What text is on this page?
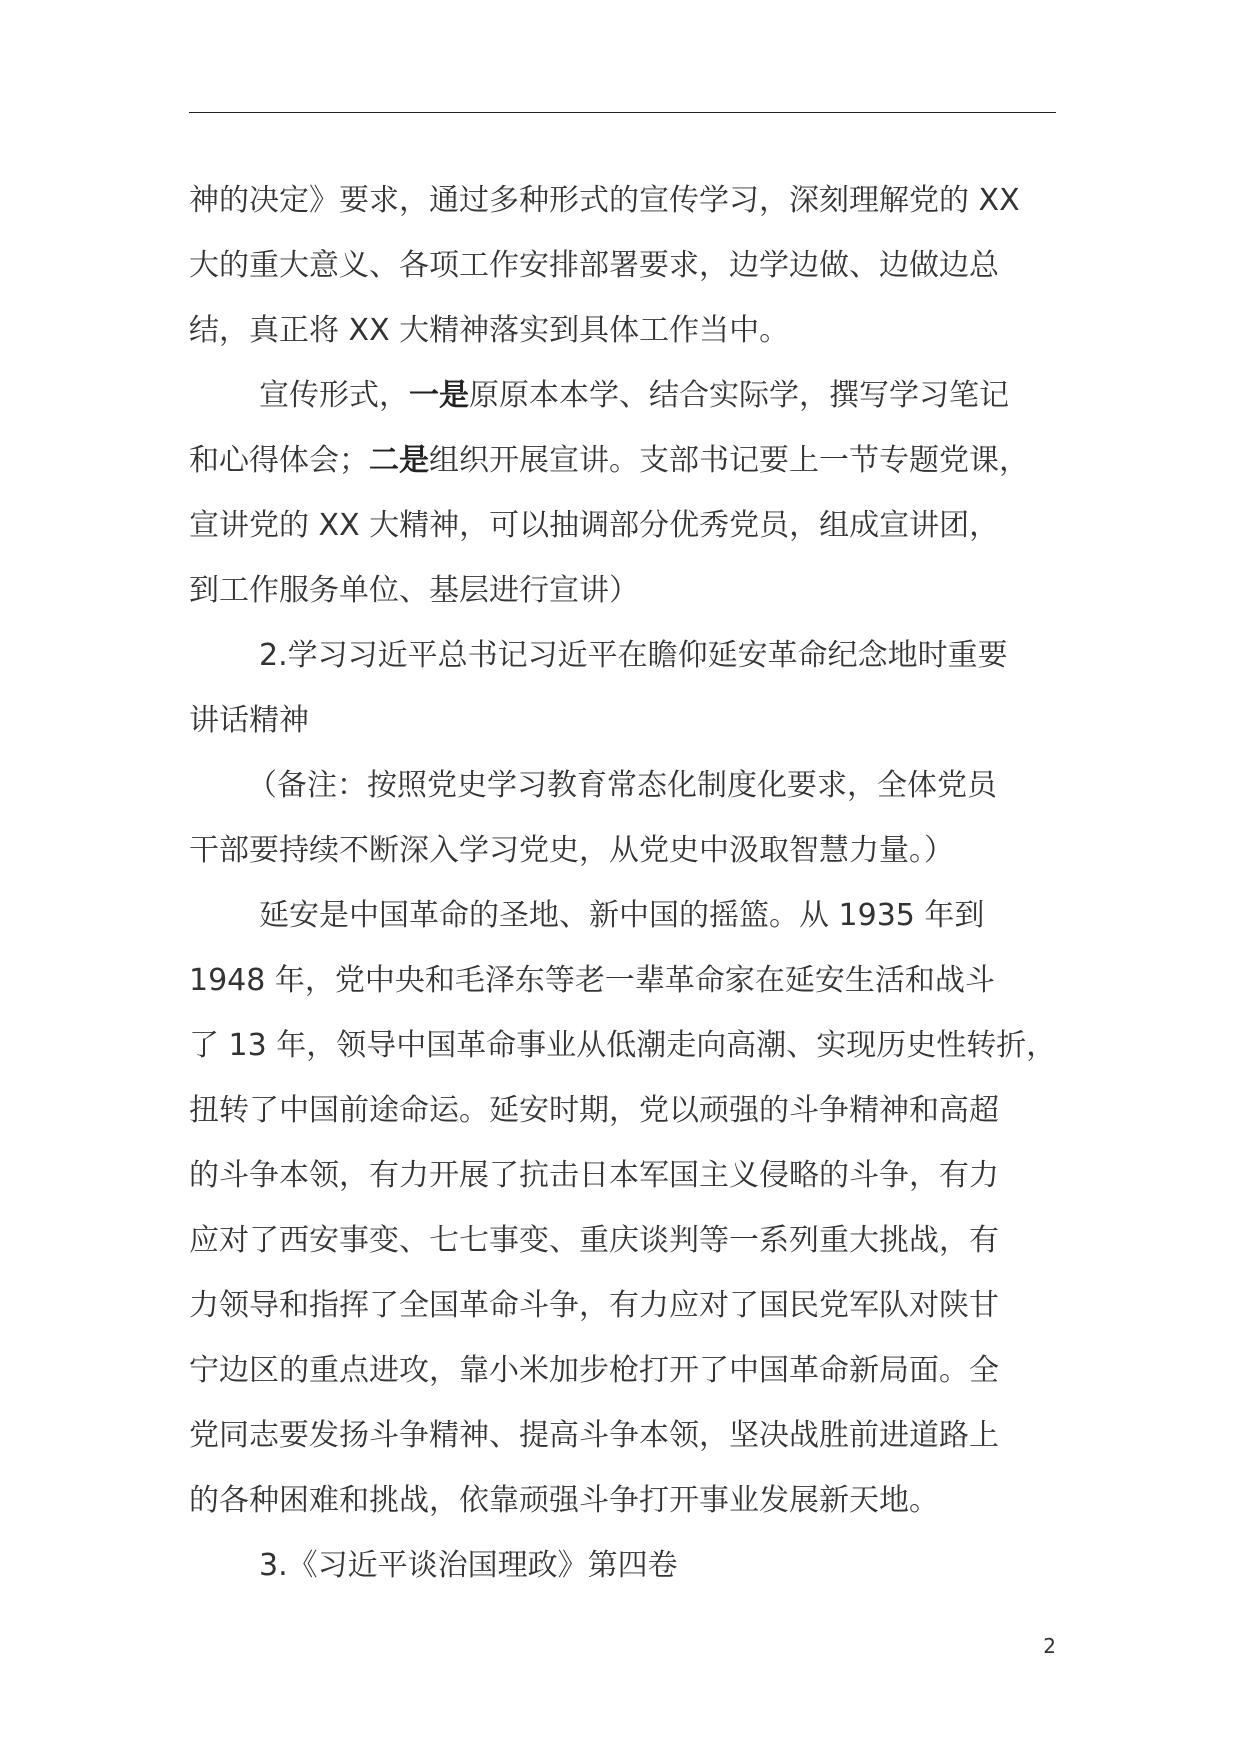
神的决定》要求，通过多种形式的宣传学习，深刻理解党的 XX
大的重大意义、各项工作安排部署要求，边学边做、边做边总
结，真正将 XX 大精神落实到具体工作当中。
宣传形式，一是原原本本学、结合实际学，撰写学习笔记
和心得体会；二是组织开展宣讲。支部书记要上一节专题党课，
宣讲党的 XX 大精神，可以抽调部分优秀党员，组成宣讲团，
到工作服务单位、基层进行宣讲）
2.学习习近平总书记习近平在瞻仰延安革命纪念地时重要
讲话精神
（备注：按照党史学习教育常态化制度化要求，全体党员
干部要持续不断深入学习党史，从党史中汲取智慧力量。）
延安是中国革命的圣地、新中国的摇篮。从 1935 年到
1948 年，党中央和毛泽东等老一辈革命家在延安生活和战斗
了 13 年，领导中国革命事业从低潮走向高潮、实现历史性转折，
扭转了中国前途命运。延安时期，党以顽强的斗争精神和高超
的斗争本领，有力开展了抗击日本军国主义侵略的斗争，有力
应对了西安事变、七七事变、重庆谈判等一系列重大挑战，有
力领导和指挥了全国革命斗争，有力应对了国民党军队对陕甘
宁边区的重点进攻，靠小米加步枪打开了中国革命新局面。全
党同志要发扬斗争精神、提高斗争本领，坚决战胜前进道路上
的各种困难和挑战，依靠顽强斗争打开事业发展新天地。
3.《习近平谈治国理政》第四卷
2
